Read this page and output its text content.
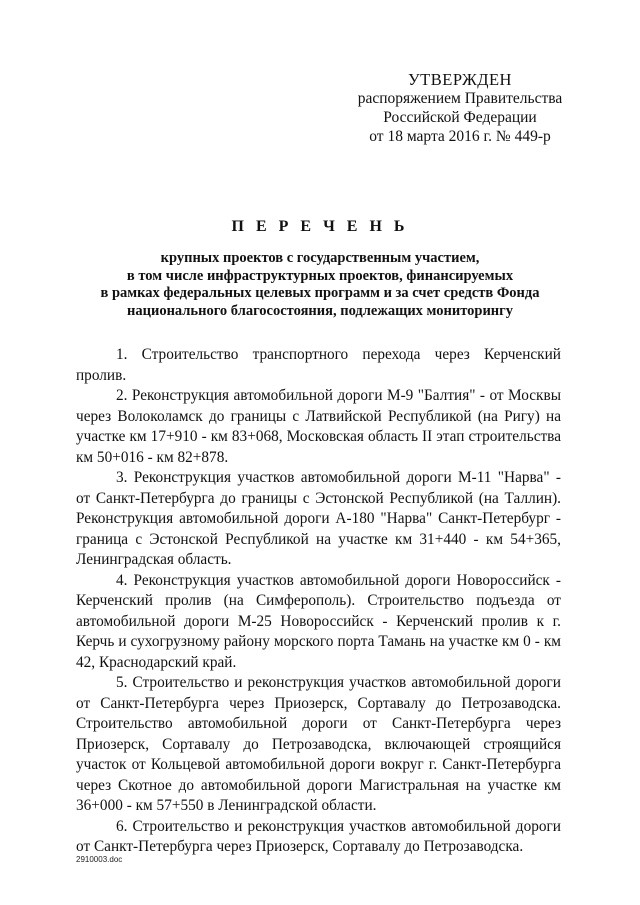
УТВЕРЖДЕН
распоряжением Правительства
Российской Федерации
от 18 марта 2016 г. № 449-р
П Е Р Е Ч Е Н Ь
крупных проектов с государственным участием,
в том числе инфраструктурных проектов, финансируемых
в рамках федеральных целевых программ и за счет средств Фонда
национального благосостояния, подлежащих мониторингу

1. Строительство транспортного перехода через Керченский пролив.

2. Реконструкция автомобильной дороги М-9 "Балтия" - от Москвы через Волоколамск до границы с Латвийской Республикой (на Ригу) на участке км 17+910 - км 83+068, Московская область II этап строительства км 50+016 - км 82+878.

3. Реконструкция участков автомобильной дороги М-11 "Нарва" - от Санкт-Петербурга до границы с Эстонской Республикой (на Таллин). Реконструкция автомобильной дороги А-180 "Нарва" Санкт-Петербург - граница с Эстонской Республикой на участке км 31+440 - км 54+365, Ленинградская область.

4. Реконструкция участков автомобильной дороги Новороссийск - Керченский пролив (на Симферополь). Строительство подъезда от автомобильной дороги М-25 Новороссийск - Керченский пролив к г. Керчь и сухогрузному району морского порта Тамань на участке км 0 - км 42, Краснодарский край.

5. Строительство и реконструкция участков автомобильной дороги от Санкт-Петербурга через Приозерск, Сортавалу до Петрозаводска. Строительство автомобильной дороги от Санкт-Петербурга через Приозерск, Сортавалу до Петрозаводска, включающей строящийся участок от Кольцевой автомобильной дороги вокруг г. Санкт-Петербурга через Скотное до автомобильной дороги Магистральная на участке км 36+000 - км 57+550 в Ленинградской области.

6. Строительство и реконструкция участков автомобильной дороги от Санкт-Петербурга через Приозерск, Сортавалу до Петрозаводска.

2910003.doc
